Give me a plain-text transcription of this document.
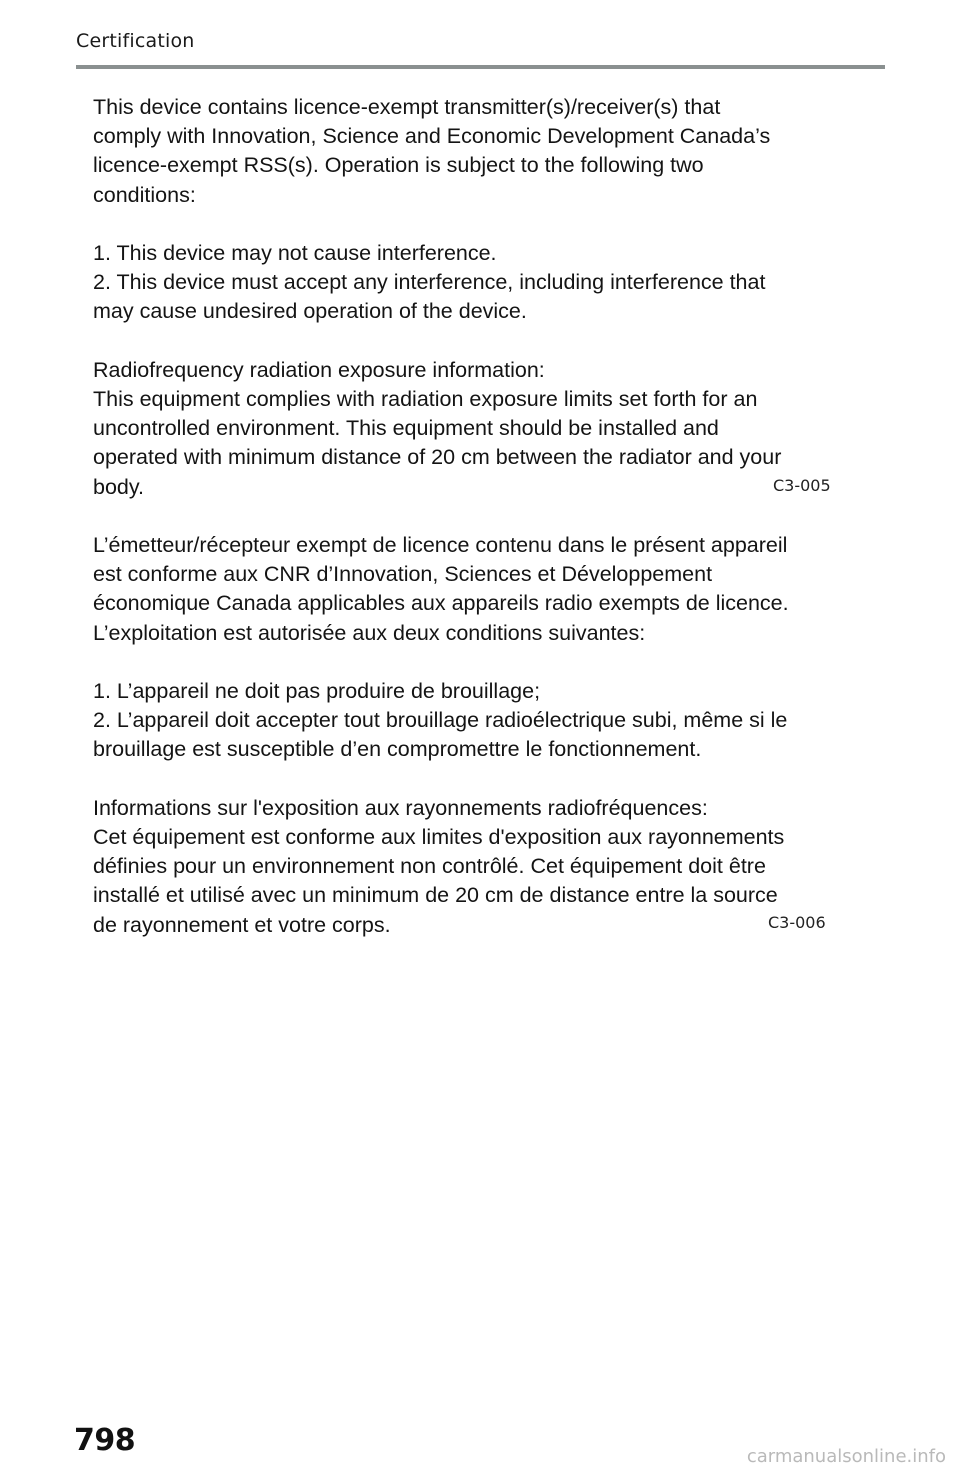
Certification
This device contains licence-exempt transmitter(s)/receiver(s) that
comply with Innovation, Science and Economic Development Canada’s
licence-exempt RSS(s). Operation is subject to the following two
conditions:
1. This device may not cause interference.
2. This device must accept any interference, including interference that
may cause undesired operation of the device.
Radiofrequency radiation exposure information:
This equipment complies with radiation exposure limits set forth for an
uncontrolled environment. This equipment should be installed and
operated with minimum distance of 20 cm between the radiator and your
body.
L’émetteur/récepteur exempt de licence contenu dans le présent appareil
est conforme aux CNR d’Innovation, Sciences et Développement
économique Canada applicables aux appareils radio exempts de licence.
L’exploitation est autorisée aux deux conditions suivantes:
1. L’appareil ne doit pas produire de brouillage;
2. L’appareil doit accepter tout brouillage radioélectrique subi, même si le
brouillage est susceptible d’en compromettre le fonctionnement.
Informations sur l'exposition aux rayonnements radiofréquences:
Cet équipement est conforme aux limites d'exposition aux rayonnements
définies pour un environnement non contrôlé. Cet équipement doit être
installé et utilisé avec un minimum de 20 cm de distance entre la source
de rayonnement et votre corps.
C3-005
C3-006
798	carmanualsonline.info
